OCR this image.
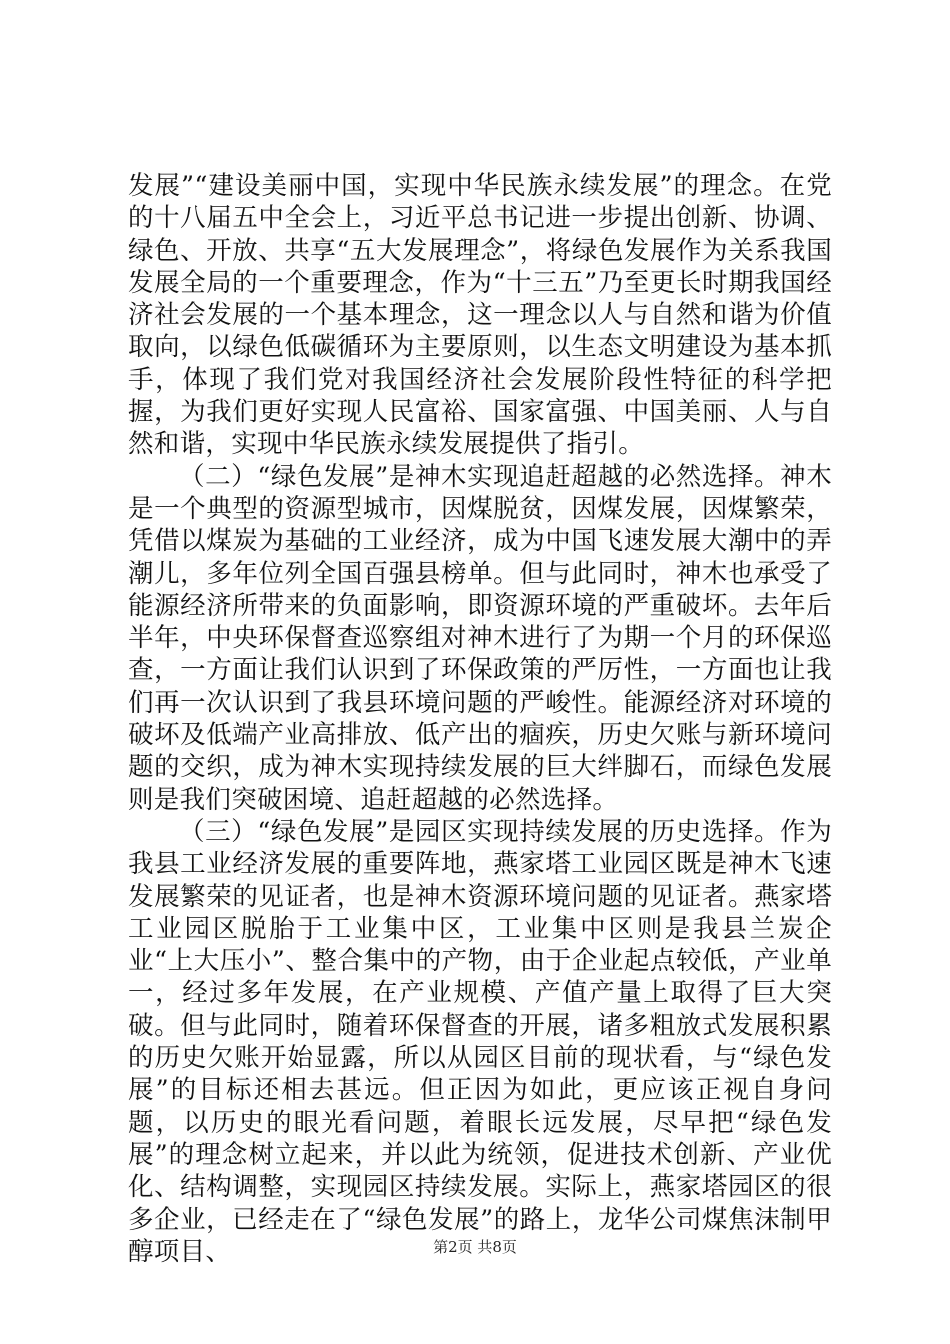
发展”“建设美丽中国，实现中华民族永续发展”的理念。在党的十八届五中全会上，习近平总书记进一步提出创新、协调、绿色、开放、共享“五大发展理念”，将绿色发展作为关系我国发展全局的一个重要理念，作为“十三五”乃至更长时期我国经济社会发展的一个基本理念，这一理念以人与自然和谐为价值取向，以绿色低碳循环为主要原则，以生态文明建设为基本抓手，体现了我们党对我国经济社会发展阶段性特征的科学把握，为我们更好实现人民富裕、国家富强、中国美丽、人与自然和谐，实现中华民族永续发展提供了指引。

（二）“绿色发展”是神木实现追赶超越的必然选择。神木是一个典型的资源型城市，因煤脱贫，因煤发展，因煤繁荣，凭借以煤炭为基础的工业经济，成为中国飞速发展大潮中的弄潮儿，多年位列全国百强县榜单。但与此同时，神木也承受了能源经济所带来的负面影响，即资源环境的严重破坏。去年后半年，中央环保督查巡察组对神木进行了为期一个月的环保巡查，一方面让我们认识到了环保政策的严厉性，一方面也让我们再一次认识到了我县环境问题的严峻性。能源经济对环境的破坏及低端产业高排放、低产出的痼疾，历史欠账与新环境问题的交织，成为神木实现持续发展的巨大绊脚石，而绿色发展则是我们突破困境、追赶超越的必然选择。

（三）“绿色发展”是园区实现持续发展的历史选择。作为我县工业经济发展的重要阵地，燕家塔工业园区既是神木飞速发展繁荣的见证者，也是神木资源环境问题的见证者。燕家塔工业园区脱胎于工业集中区，工业集中区则是我县兰炭企业“上大压小”、整合集中的产物，由于企业起点较低，产业单一，经过多年发展，在产业规模、产值产量上取得了巨大突破。但与此同时，随着环保督查的开展，诸多粗放式发展积累的历史欠账开始显露，所以从园区目前的现状看，与“绿色发展”的目标还相去甚远。但正因为如此，更应该正视自身问题，以历史的眼光看问题，着眼长远发展，尽早把“绿色发展”的理念树立起来，并以此为统领，促进技术创新、产业优化、结构调整，实现园区持续发展。实际上，燕家塔园区的很多企业，已经走在了“绿色发展”的路上，龙华公司煤焦沫制甲醇项目、	第2页 共8页
